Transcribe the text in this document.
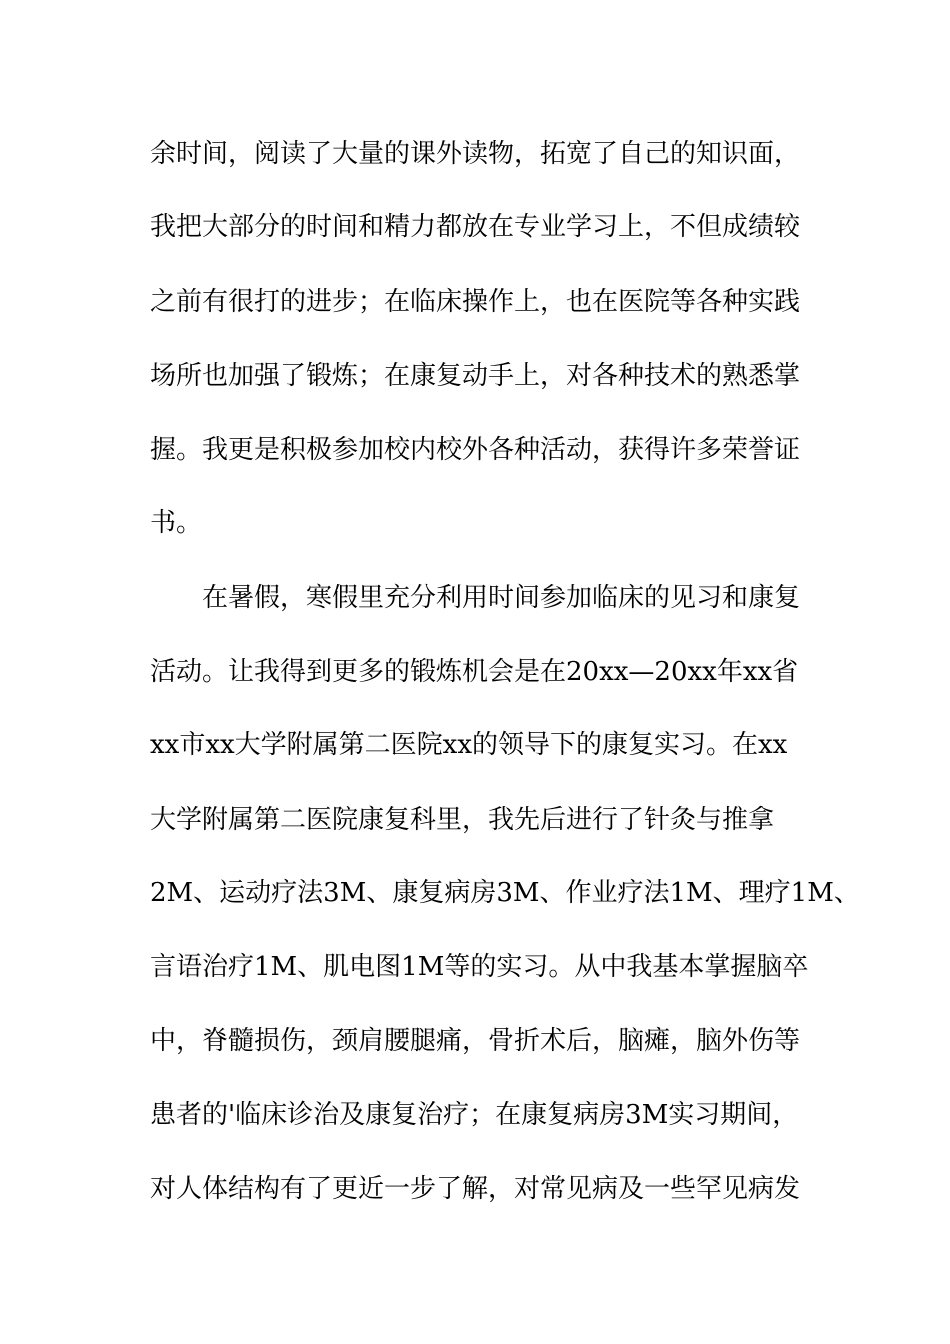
余时间，阅读了大量的课外读物，拓宽了自己的知识面，
我把大部分的时间和精力都放在专业学习上，不但成绩较
之前有很打的进步；在临床操作上，也在医院等各种实践
场所也加强了锻炼；在康复动手上，对各种技术的熟悉掌
握。我更是积极参加校内校外各种活动，获得许多荣誉证
书。
在暑假，寒假里充分利用时间参加临床的见习和康复
活动。让我得到更多的锻炼机会是在20xx—20xx年xx省
xx市xx大学附属第二医院xx的领导下的康复实习。在xx
大学附属第二医院康复科里，我先后进行了针灸与推拿
2M、运动疗法3M、康复病房3M、作业疗法1M、理疗1M、
言语治疗1M、肌电图1M等的实习。从中我基本掌握脑卒
中，脊髓损伤，颈肩腰腿痛，骨折术后，脑瘫，脑外伤等
患者的'临床诊治及康复治疗；在康复病房3M实习期间，
对人体结构有了更近一步了解，对常见病及一些罕见病发
